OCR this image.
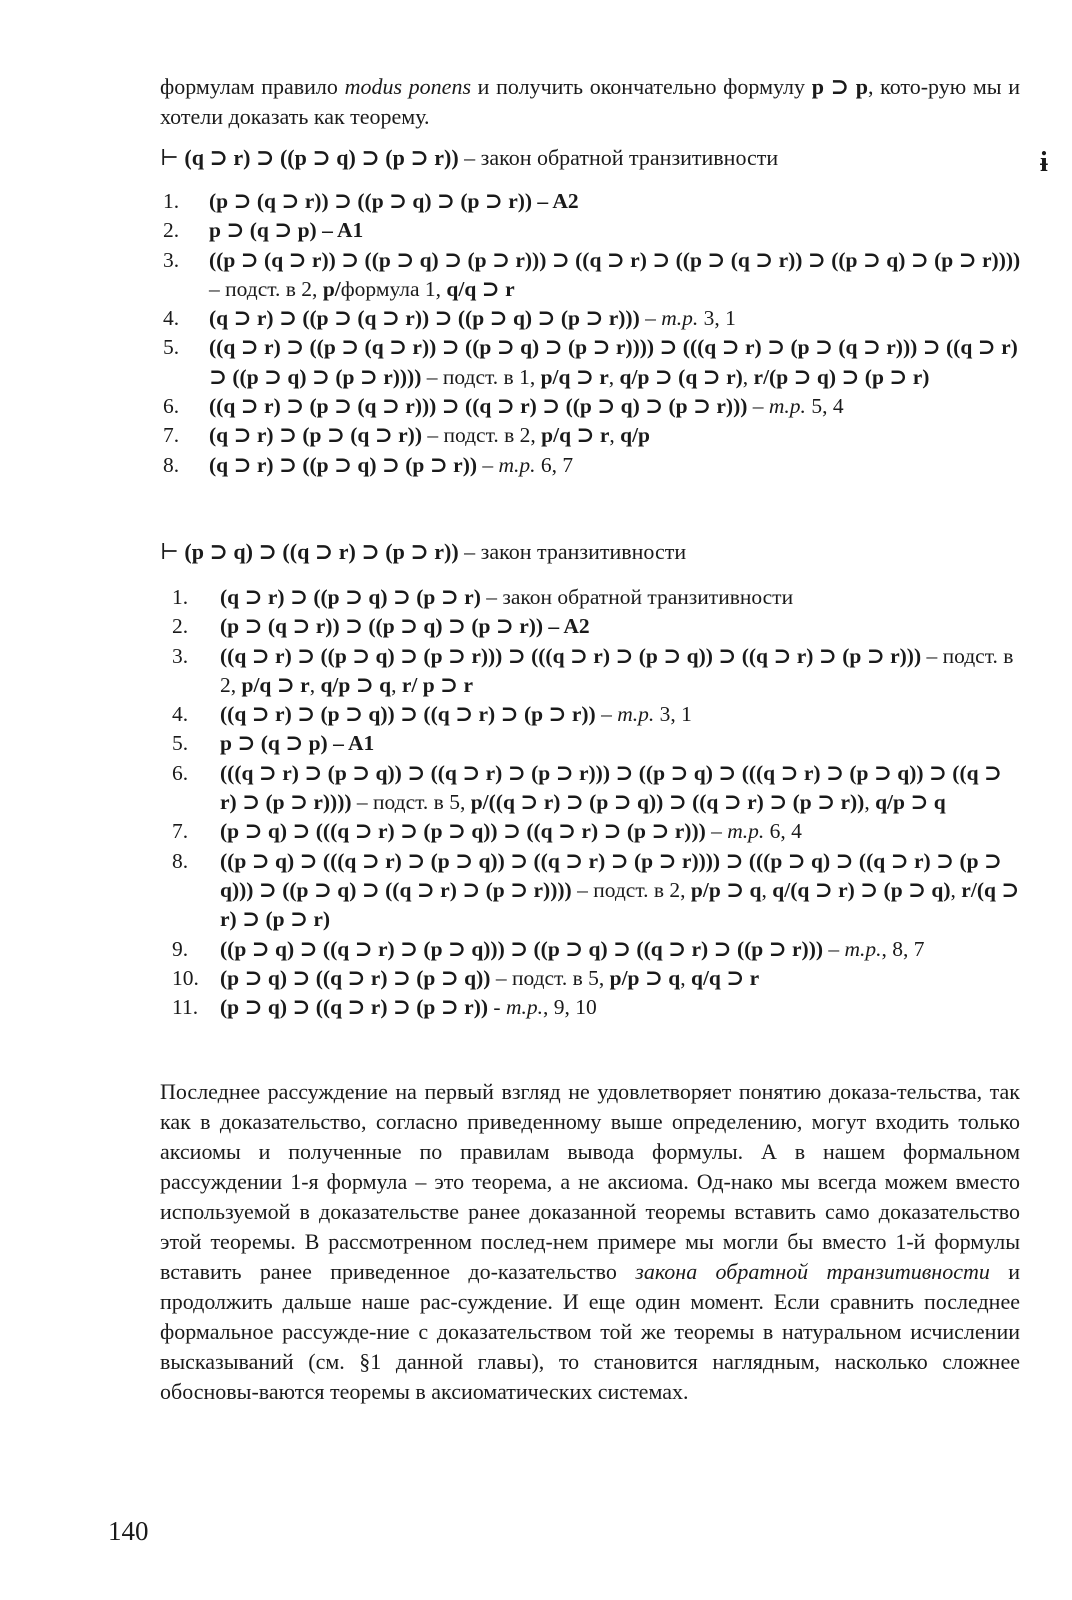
формулам правило modus ponens и получить окончательно формулу p ⊃ p, кото-рую мы и хотели доказать как теорему.

⊢ (q ⊃ r) ⊃ ((p ⊃ q) ⊃ (p ⊃ r)) – закон обратной транзитивности

1.	(p ⊃ (q ⊃ r)) ⊃ ((p ⊃ q) ⊃ (p ⊃ r)) – A2
2.	p ⊃ (q ⊃ p) – A1
3.	((p ⊃ (q ⊃ r)) ⊃ ((p ⊃ q) ⊃ (p ⊃ r))) ⊃ ((q ⊃ r) ⊃ ((p ⊃ (q ⊃ r)) ⊃ ((p ⊃ q) ⊃ (p ⊃ r)))) – подст. в 2, p/формула 1, q/q ⊃ r
4.	(q ⊃ r) ⊃ ((p ⊃ (q ⊃ r)) ⊃ ((p ⊃ q) ⊃ (p ⊃ r))) – m.p. 3, 1
5.	((q ⊃ r) ⊃ ((p ⊃ (q ⊃ r)) ⊃ ((p ⊃ q) ⊃ (p ⊃ r)))) ⊃ (((q ⊃ r) ⊃ (p ⊃ (q ⊃ r))) ⊃ ((q ⊃ r) ⊃ ((p ⊃ q) ⊃ (p ⊃ r)))) – подст. в 1, p/q ⊃ r, q/p ⊃ (q ⊃ r), r/(p ⊃ q) ⊃ (p ⊃ r)
6.	((q ⊃ r) ⊃ (p ⊃ (q ⊃ r))) ⊃ ((q ⊃ r) ⊃ ((p ⊃ q) ⊃ (p ⊃ r))) – m.p. 5, 4
7.	(q ⊃ r) ⊃ (p ⊃ (q ⊃ r)) – подст. в 2, p/q ⊃ r, q/p
8.	(q ⊃ r) ⊃ ((p ⊃ q) ⊃ (p ⊃ r)) – m.p. 6, 7

⊢ (p ⊃ q) ⊃ ((q ⊃ r) ⊃ (p ⊃ r)) – закон транзитивности

1.	(q ⊃ r) ⊃ ((p ⊃ q) ⊃ (p ⊃ r) – закон обратной транзитивности
2.	(p ⊃ (q ⊃ r)) ⊃ ((p ⊃ q) ⊃ (p ⊃ r)) – A2
3.	((q ⊃ r) ⊃ ((p ⊃ q) ⊃ (p ⊃ r))) ⊃ (((q ⊃ r) ⊃ (p ⊃ q)) ⊃ ((q ⊃ r) ⊃ (p ⊃ r))) – подст. в 2, p/q ⊃ r, q/p ⊃ q, r/ p ⊃ r
4.	((q ⊃ r) ⊃ (p ⊃ q)) ⊃ ((q ⊃ r) ⊃ (p ⊃ r)) – m.p. 3, 1
5.	p ⊃ (q ⊃ p) – A1
6.	(((q ⊃ r) ⊃ (p ⊃ q)) ⊃ ((q ⊃ r) ⊃ (p ⊃ r))) ⊃ ((p ⊃ q) ⊃ (((q ⊃ r) ⊃ (p ⊃ q)) ⊃ ((q ⊃ r) ⊃ (p ⊃ r)))) – подст. в 5, p/((q ⊃ r) ⊃ (p ⊃ q)) ⊃ ((q ⊃ r) ⊃ (p ⊃ r)), q/p ⊃ q
7.	(p ⊃ q) ⊃ (((q ⊃ r) ⊃ (p ⊃ q)) ⊃ ((q ⊃ r) ⊃ (p ⊃ r))) – m.p. 6, 4
8.	((p ⊃ q) ⊃ (((q ⊃ r) ⊃ (p ⊃ q)) ⊃ ((q ⊃ r) ⊃ (p ⊃ r)))) ⊃ (((p ⊃ q) ⊃ ((q ⊃ r) ⊃ (p ⊃ q))) ⊃ ((p ⊃ q) ⊃ ((q ⊃ r) ⊃ (p ⊃ r)))) – подст. в 2, p/p ⊃ q, q/(q ⊃ r) ⊃ (p ⊃ q), r/(q ⊃ r) ⊃ (p ⊃ r)
9.	((p ⊃ q) ⊃ ((q ⊃ r) ⊃ (p ⊃ q))) ⊃ ((p ⊃ q) ⊃ ((q ⊃ r) ⊃ ((p ⊃ r))) – m.p., 8, 7
10. (p ⊃ q) ⊃ ((q ⊃ r) ⊃ (p ⊃ q)) – подст. в 5, p/p ⊃ q, q/q ⊃ r
11.	(p ⊃ q) ⊃ ((q ⊃ r) ⊃ (p ⊃ r)) - m.p., 9, 10

Последнее рассуждение на первый взгляд не удовлетворяет понятию доказа-тельства, так как в доказательство, согласно приведенному выше определению, могут входить только аксиомы и полученные по правилам вывода формулы. А в нашем формальном рассуждении 1-я формула – это теорема, а не аксиома. Од-нако мы всегда можем вместо используемой в доказательстве ранее доказанной теоремы вставить само доказательство этой теоремы. В рассмотренном послед-нем примере мы могли бы вместо 1-й формулы вставить ранее приведенное до-казательство закона обратной транзитивности и продолжить дальше наше рас-суждение. И еще один момент. Если сравнить последнее формальное рассужде-ние с доказательством той же теоремы в натуральном исчислении высказываний (см. §1 данной главы), то становится наглядным, насколько сложнее обосновы-ваются теоремы в аксиоматических системах.

ɨ
140
